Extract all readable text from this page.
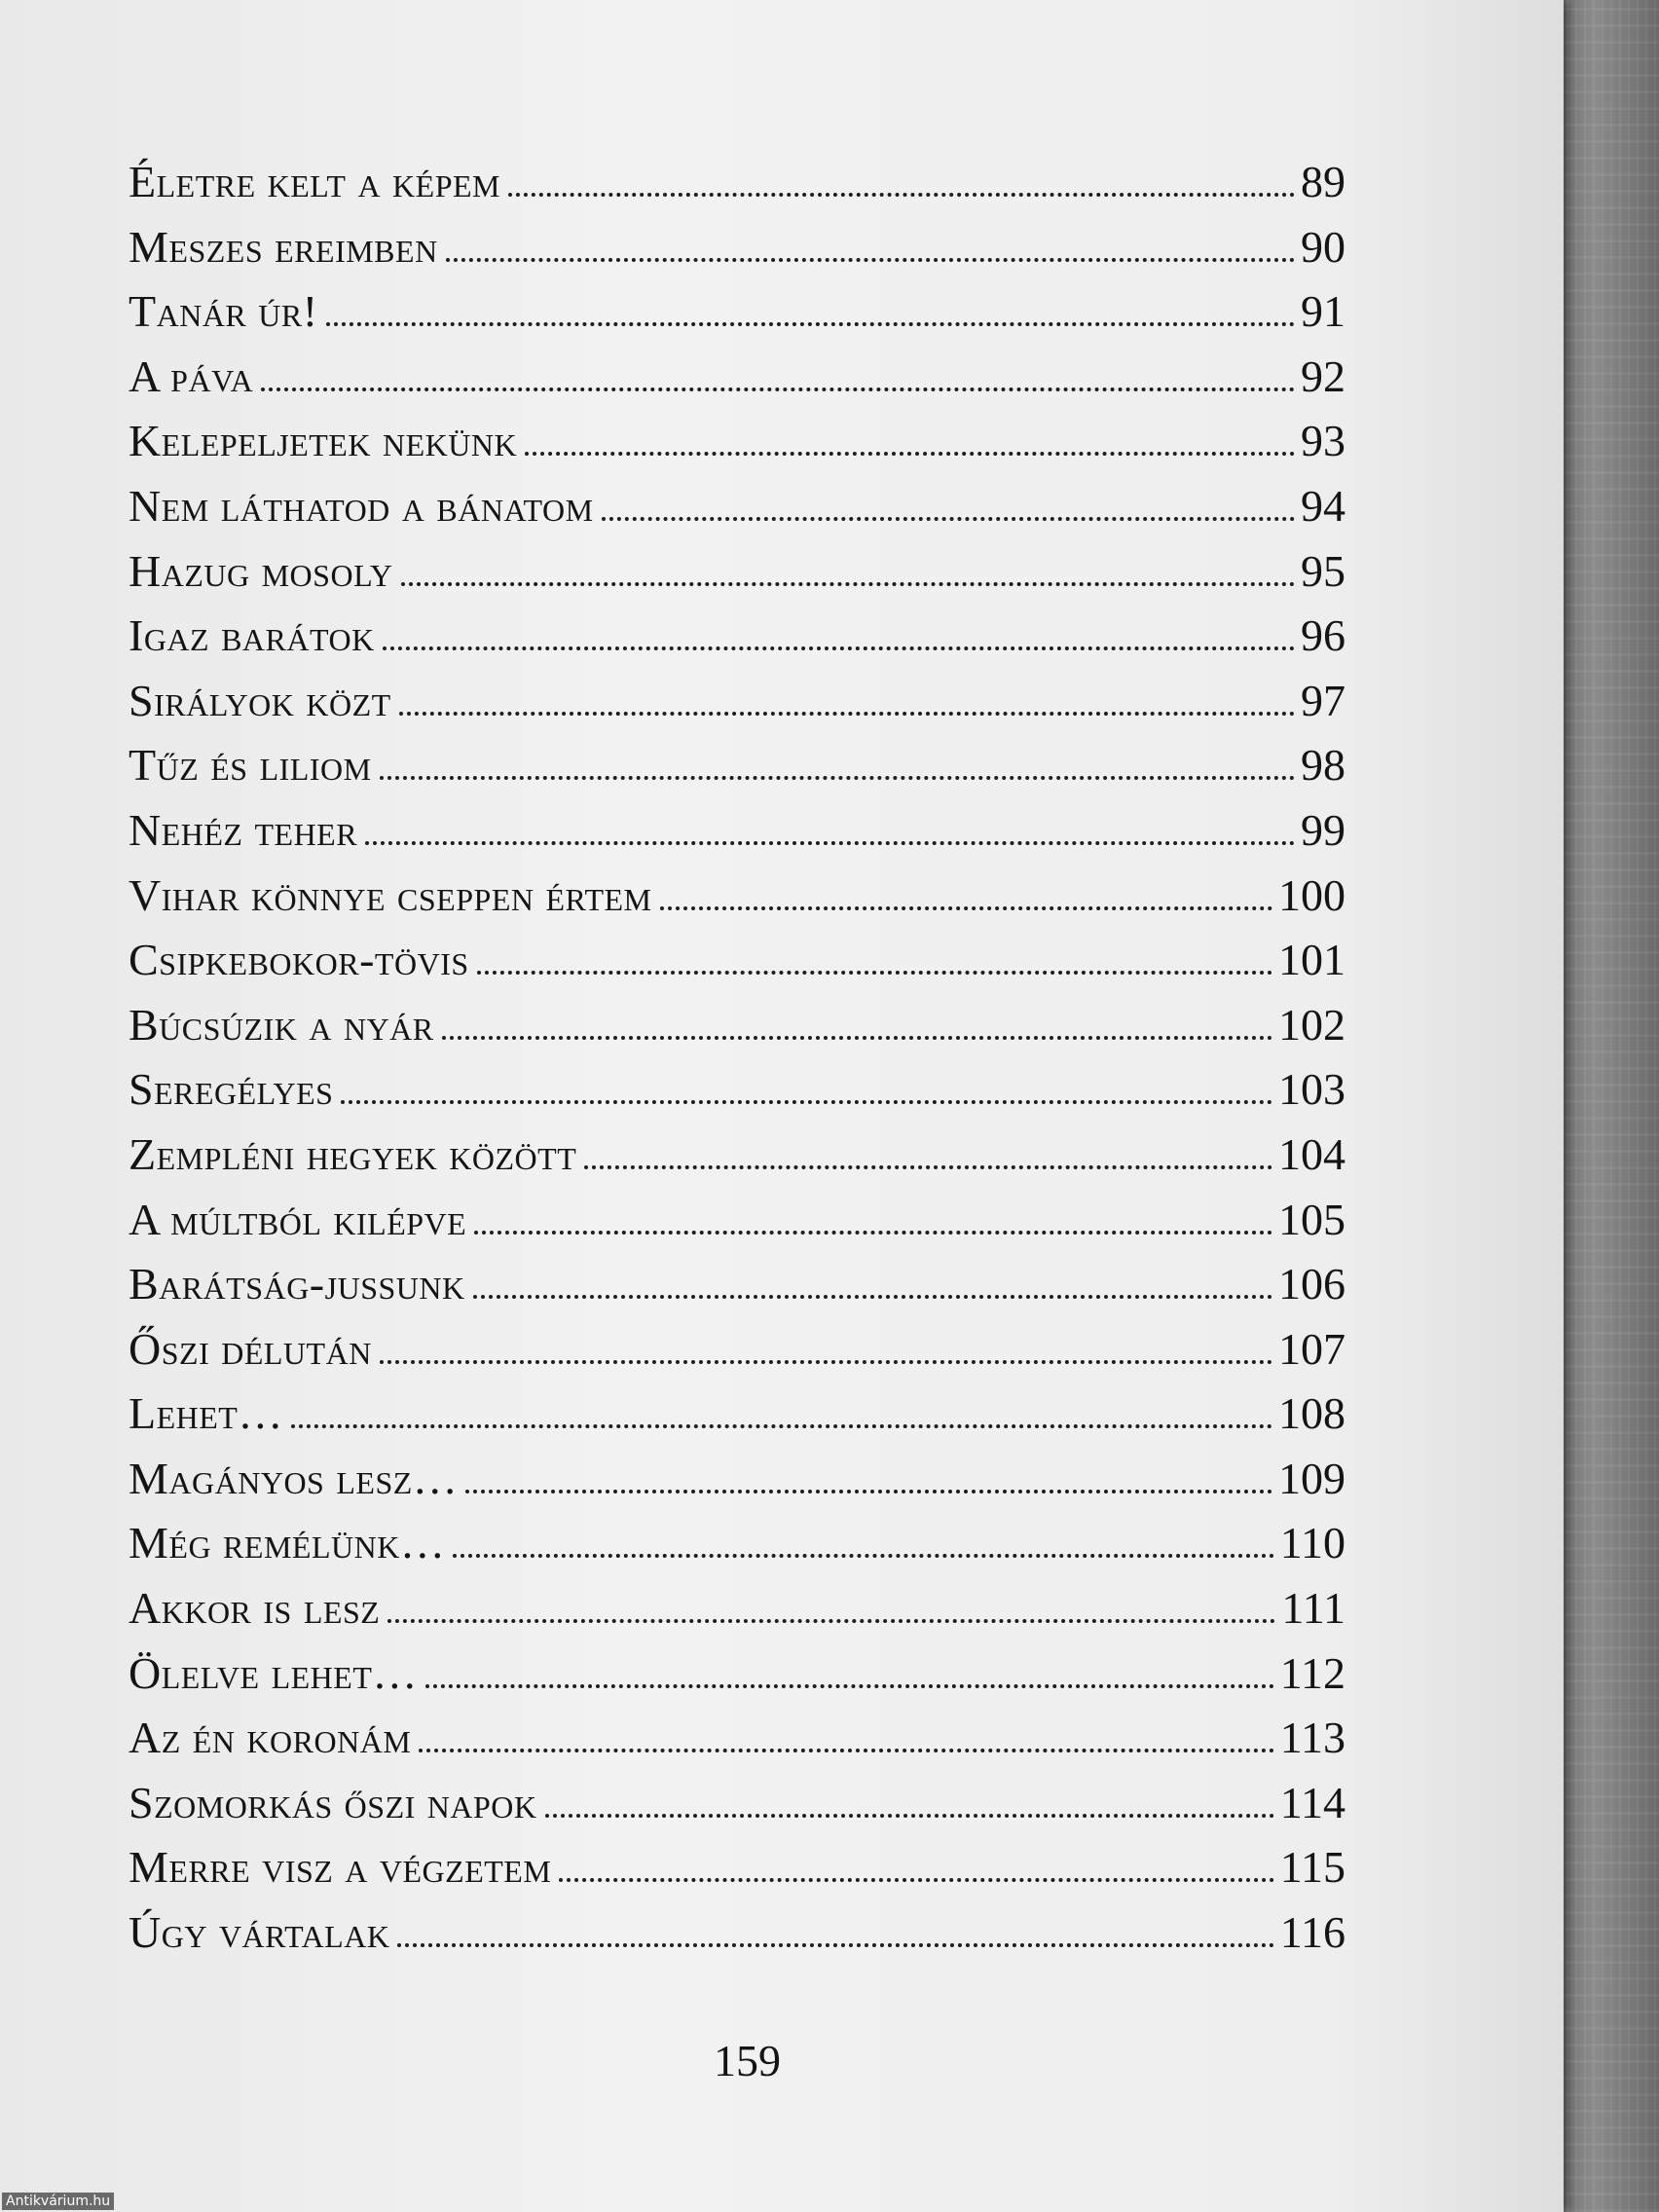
Életre kelt a képem	89
Meszes ereimben	90
Tanár úr!	91
A páva	92
Kelepeljetek nekünk	93
Nem láthatod a bánatom	94
Hazug mosoly	95
Igaz barátok	96
Sirályok közt	97
Tűz és liliom	98
Nehéz teher	99
Vihar könnye cseppen értem	100
Csipkebokor-tövis	101
Búcsúzik a nyár	102
Seregélyes	103
Zempléni hegyek között	104
A múltból kilépve	105
Barátság-jussunk	106
Őszi délután	107
Lehet…	108
Magányos lesz…	109
Még remélünk…	110
Akkor is lesz	111
Ölelve lehet…	112
Az én koronám	113
Szomorkás őszi napok	114
Merre visz a végzetem	115
Úgy vártalak	116
159
Antikvárium.hu
